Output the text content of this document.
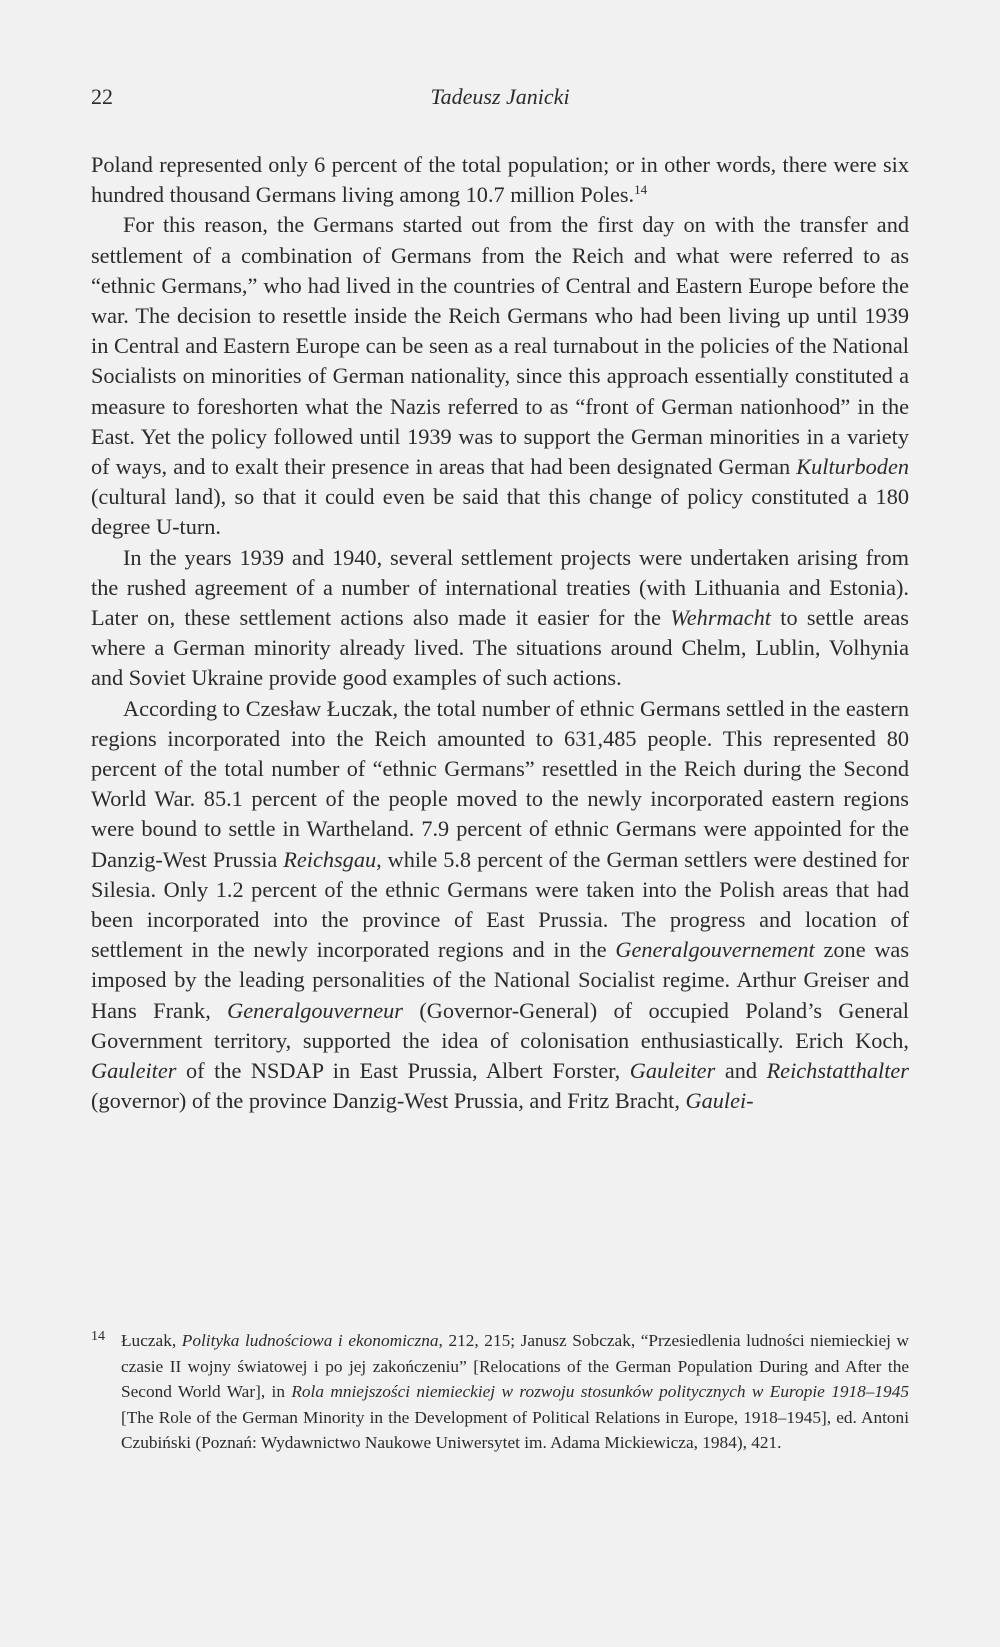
22	Tadeusz Janicki

Poland represented only 6 percent of the total population; or in other words, there were six hundred thousand Germans living among 10.7 million Poles.$^{14}$

For this reason, the Germans started out from the first day on with the transfer and settlement of a combination of Germans from the Reich and what were referred to as “ethnic Germans,” who had lived in the countries of Central and Eastern Europe before the war. The decision to resettle inside the Reich Germans who had been living up until 1939 in Central and Eastern Europe can be seen as a real turnabout in the policies of the National Socialists on minorities of German nationality, since this approach essentially constituted a measure to foreshorten what the Nazis referred to as “front of German nationhood” in the East. Yet the policy followed until 1939 was to support the German minorities in a variety of ways, and to exalt their presence in areas that had been designated German Kulturboden (cultural land), so that it could even be said that this change of policy constituted a 180 degree U-turn.

In the years 1939 and 1940, several settlement projects were undertaken arising from the rushed agreement of a number of international treaties (with Lithuania and Estonia). Later on, these settlement actions also made it easier for the Wehrmacht to settle areas where a German minority already lived. The situations around Chelm, Lublin, Volhynia and Soviet Ukraine provide good examples of such actions.

According to Czesław Łuczak, the total number of ethnic Germans settled in the eastern regions incorporated into the Reich amounted to 631,485 people. This represented 80 percent of the total number of “ethnic Germans” resettled in the Reich during the Second World War. 85.1 percent of the people moved to the newly incorporated eastern regions were bound to settle in Wartheland. 7.9 percent of ethnic Germans were appointed for the Danzig-West Prussia Reichsgau, while 5.8 percent of the German settlers were destined for Silesia. Only 1.2 percent of the ethnic Germans were taken into the Polish areas that had been incorporated into the province of East Prussia. The progress and location of settlement in the newly incorporated regions and in the Generalgouvernement zone was imposed by the leading personalities of the National Socialist regime. Arthur Greiser and Hans Frank, Generalgouverneur (Governor-General) of occupied Poland’s General Government territory, supported the idea of colonisation enthusiastically. Erich Koch, Gauleiter of the NSDAP in East Prussia, Albert Forster, Gauleiter and Reichstatthalter (governor) of the province Danzig-West Prussia, and Fritz Bracht, Gaulei-

14 Łuczak, Polityka ludnościowa i ekonomiczna, 212, 215; Janusz Sobczak, “Przesiedlenia ludności niemieckiej w czasie II wojny światowej i po jej zakończeniu” [Relocations of the German Population During and After the Second World War], in Rola mniejszości niemieckiej w rozwoju stosunków politycznych w Europie 1918–1945 [The Role of the German Minority in the Development of Political Relations in Europe, 1918–1945], ed. Antoni Czubiński (Poznań: Wydawnictwo Naukowe Uniwersytet im. Adama Mickiewicza, 1984), 421.
